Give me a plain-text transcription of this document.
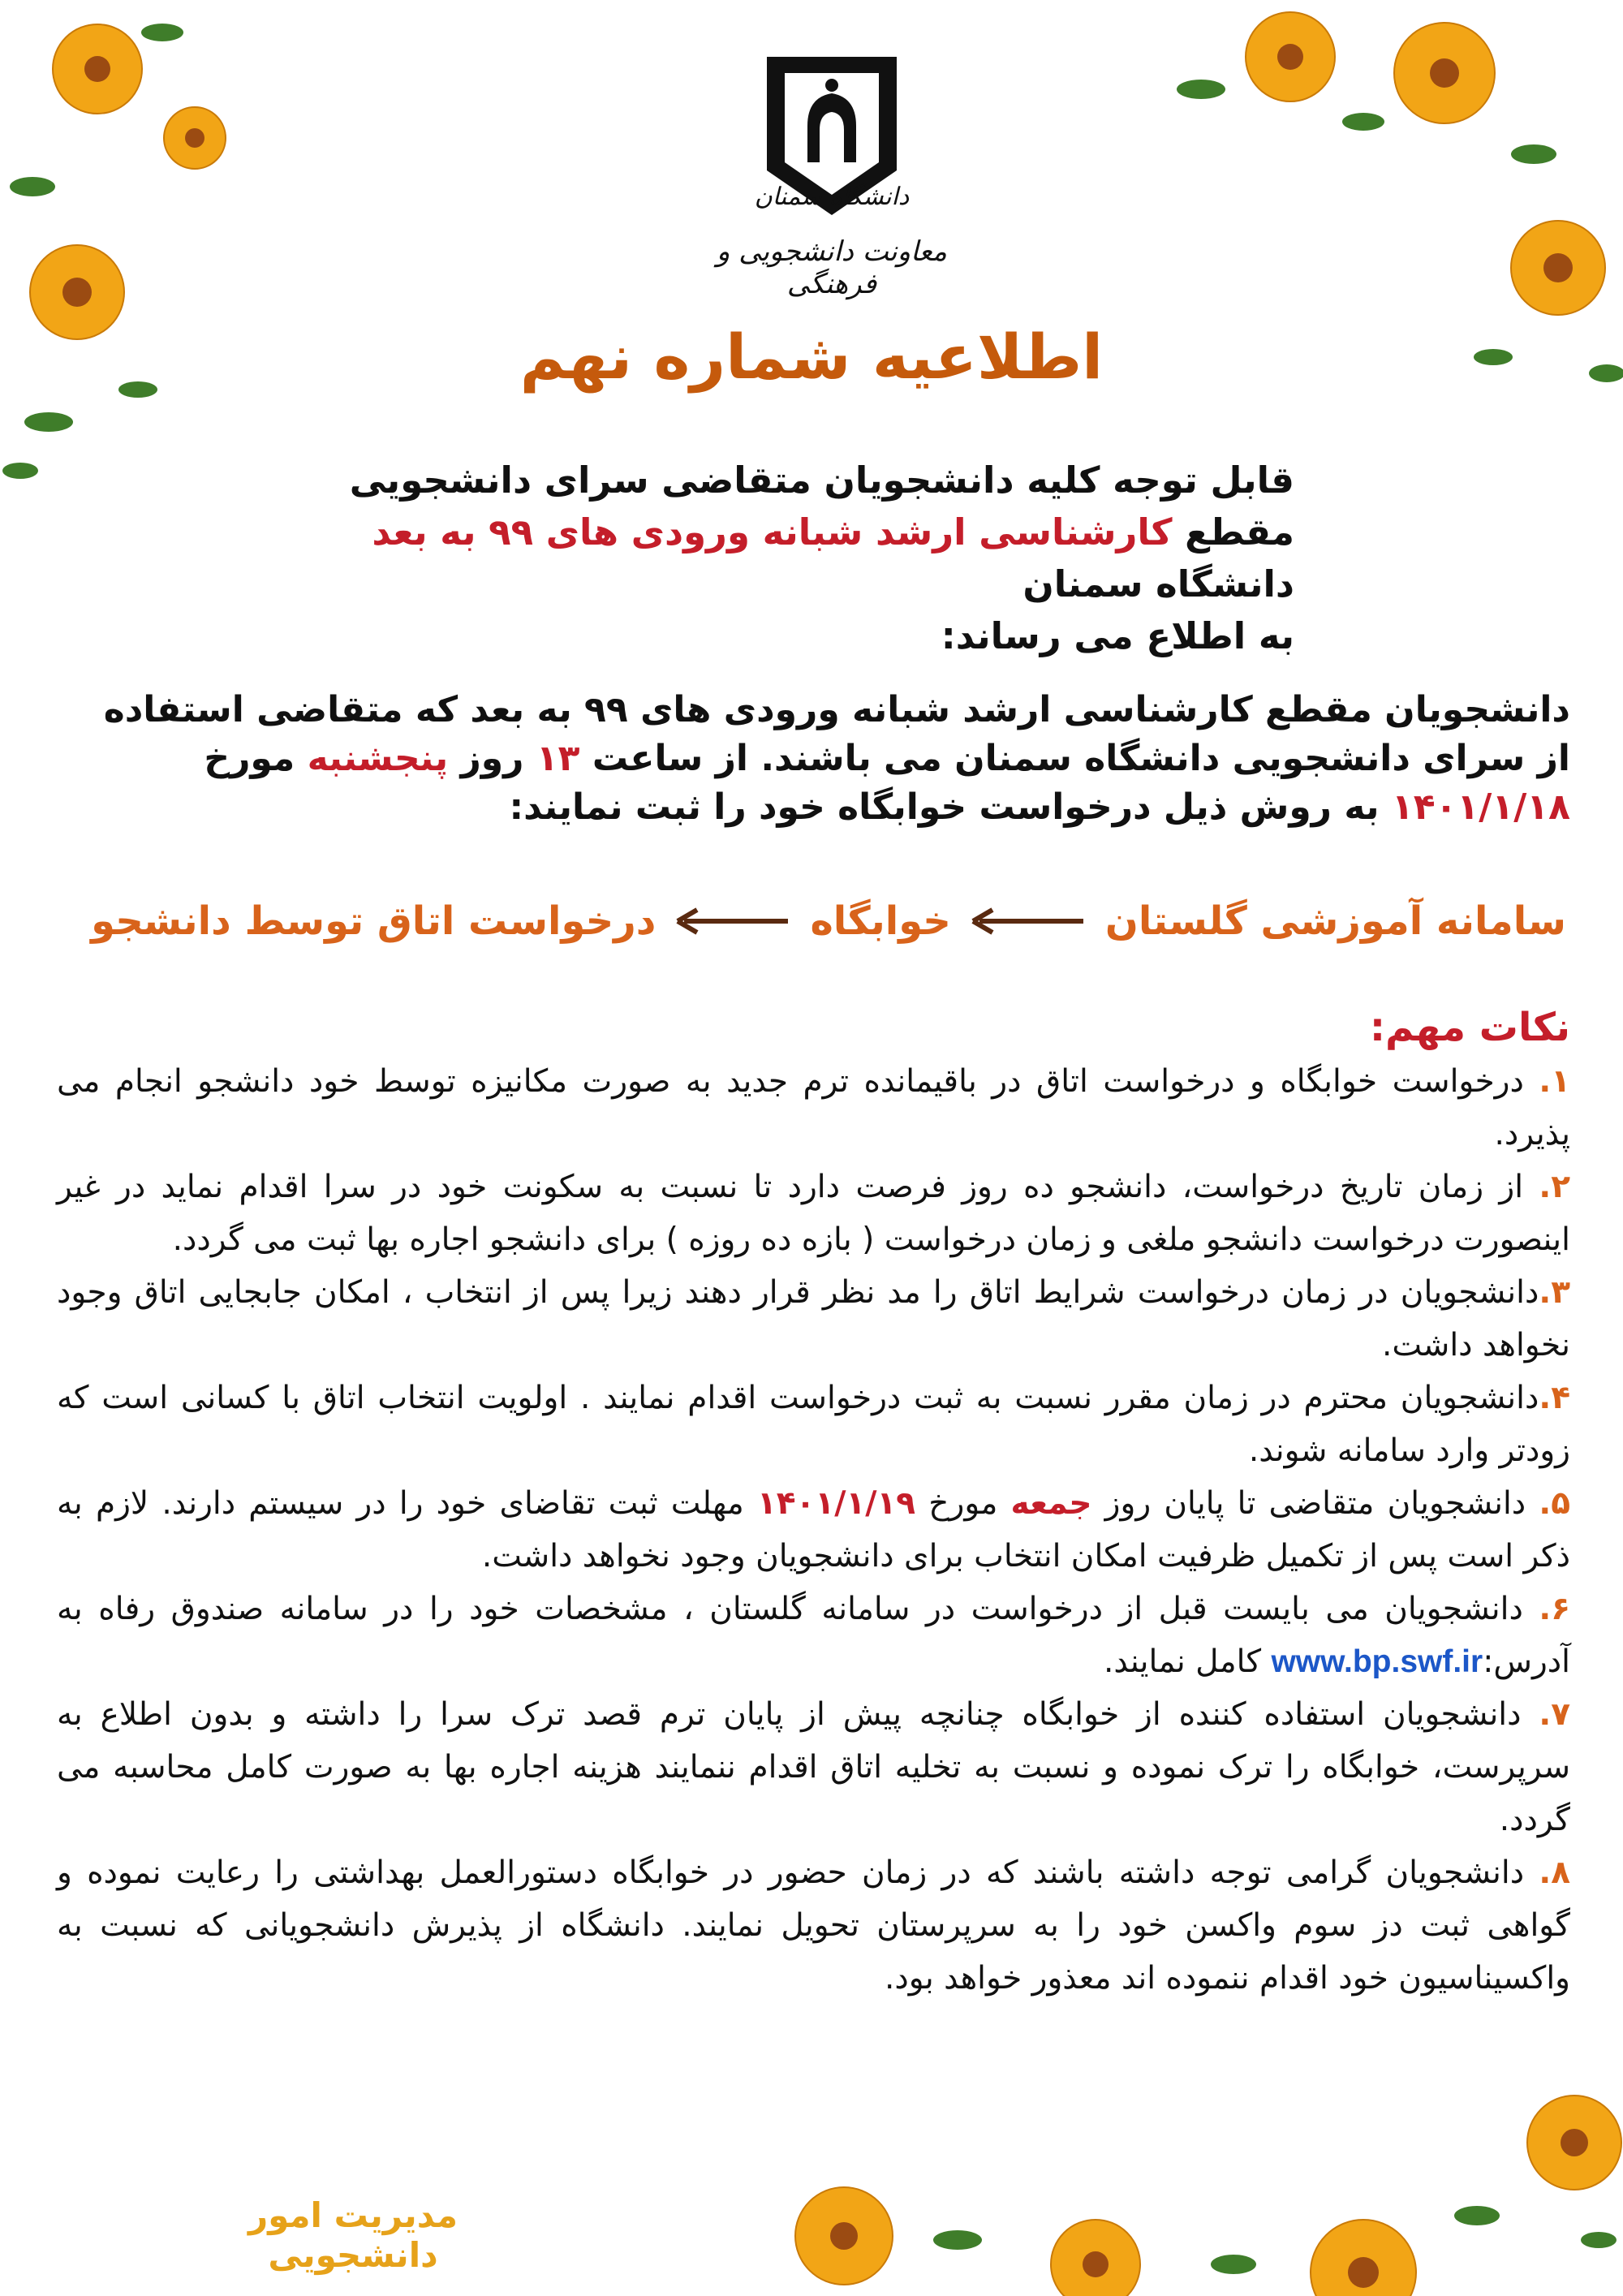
دانشگاه سمنان
معاونت دانشجویی و فرهنگی
اطلاعیه شماره نهم
قابل توجه کلیه دانشجویان متقاضی سرای دانشجویی
مقطع کارشناسی ارشد شبانه ورودی های ۹۹ به بعد دانشگاه سمنان
به اطلاع می رساند:
دانشجویان مقطع کارشناسی ارشد شبانه ورودی های ۹۹ به بعد که متقاضی استفاده از سرای دانشجویی دانشگاه سمنان می باشند. از ساعت ۱۳ روز پنجشنبه مورخ ۱۴۰۱/۱/۱۸ به روش ذیل درخواست خوابگاه خود را ثبت نمایند:
سامانه آموزشی گلستان
خوابگاه
درخواست اتاق توسط دانشجو
نکات مهم:

۱. درخواست خوابگاه و درخواست اتاق در باقیمانده ترم جدید به صورت مکانیزه توسط خود دانشجو انجام می پذیرد.

۲. از زمان تاریخ درخواست، دانشجو ده روز فرصت دارد تا نسبت به سکونت خود در سرا اقدام نماید در غیر اینصورت درخواست دانشجو ملغی و زمان درخواست ( بازه ده روزه ) برای دانشجو اجاره بها ثبت می گردد.

۳.دانشجویان در زمان درخواست شرایط اتاق را مد نظر قرار دهند زیرا پس از انتخاب ، امکان جابجایی اتاق وجود نخواهد داشت.

۴.دانشجویان محترم در زمان مقرر نسبت به ثبت درخواست اقدام نمایند . اولویت انتخاب اتاق با کسانی است که زودتر وارد سامانه شوند.

۵. دانشجویان متقاضی تا پایان روز جمعه مورخ ۱۴۰۱/۱/۱۹ مهلت ثبت تقاضای خود را در سیستم دارند. لازم به ذکر است پس از تکمیل ظرفیت امکان انتخاب برای دانشجویان وجود نخواهد داشت.

۶. دانشجویان می بایست قبل از درخواست در سامانه گلستان ، مشخصات خود را در سامانه صندوق رفاه به آدرس:www.bp.swf.ir کامل نمایند.

۷. دانشجویان استفاده کننده از خوابگاه چنانچه پیش از پایان ترم قصد ترک سرا را داشته و بدون اطلاع به سرپرست، خوابگاه را ترک نموده و نسبت به تخلیه اتاق اقدام ننمایند هزینه اجاره بها به صورت کامل محاسبه می گردد.

۸. دانشجویان گرامی توجه داشته باشند که در زمان حضور در خوابگاه دستورالعمل بهداشتی را رعایت نموده و گواهی ثبت دز سوم واکسن خود را به سرپرستان تحویل نمایند. دانشگاه از پذیرش دانشجویانی که نسبت به واکسیناسیون خود اقدام ننموده اند معذور خواهد بود.

مدیریت امور دانشجویی
